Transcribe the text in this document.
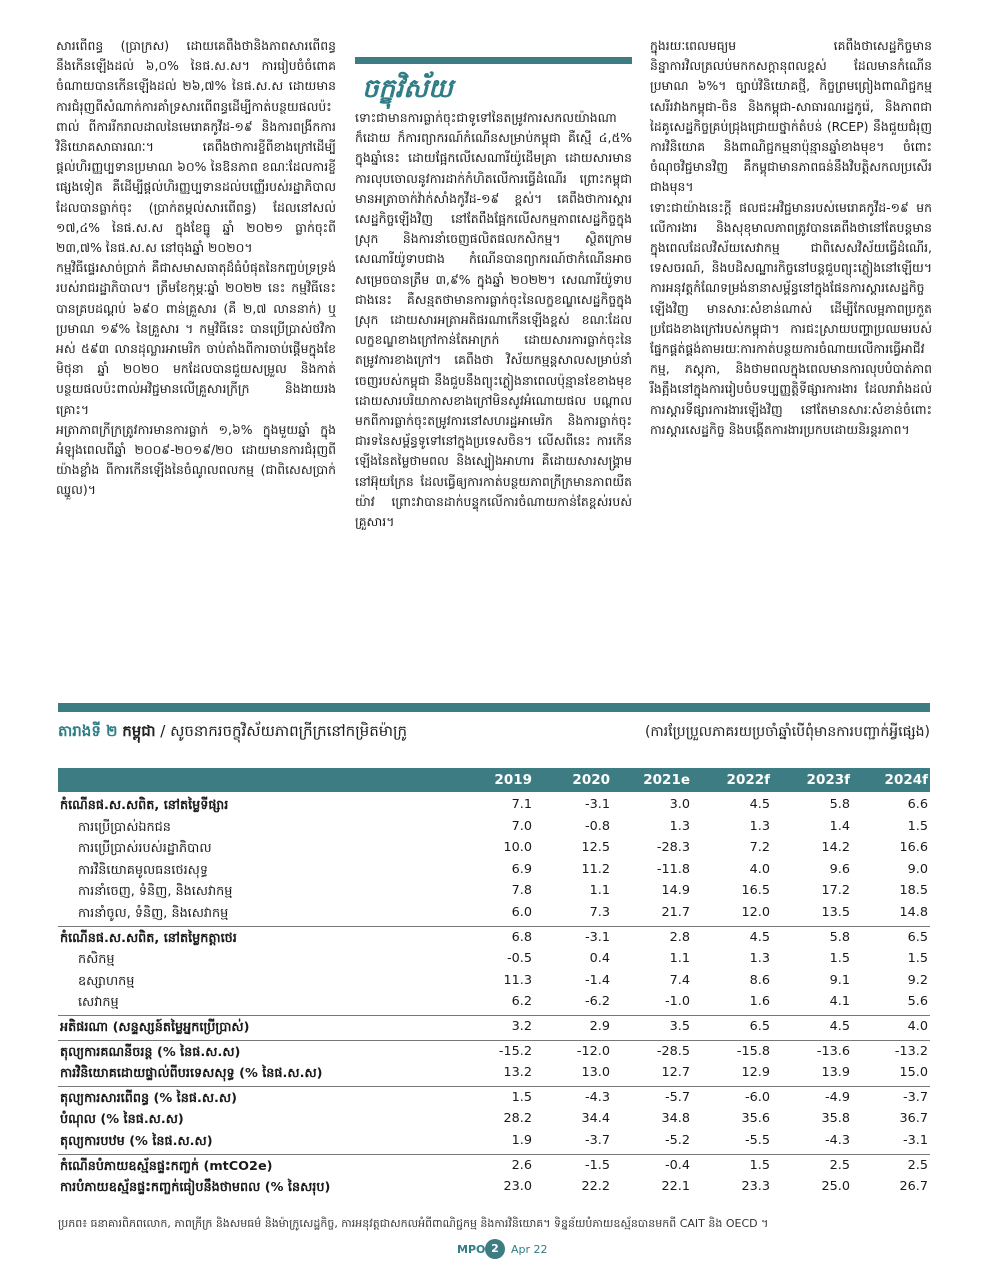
សារពើពន្ធ (ប្រាក្រស) ដោយគេពឹងថានិងភាពសារពើពន្ធនឹងកើនឡើងដល់ ៦,០% នៃផ.ស.ស។ ការរៀបចំចំពោគចំណាយបានកើនឡើងដល់ ២៦,៧% នៃផ.ស.ស ដោយមានការជំរុញពីសំណាក់ការគាំទ្រសារពើពន្ធដើម្បីកាត់បន្ថយផលប៉ះពាល់ ពីការរីករាលដាលនៃមេរោគកូវីដ-១៩ និងការពង្រីកការវិនិយោគសាធារណៈ។ គេពឹងថាការខ្ចីពីខាងក្រៅដើម្បីផ្ដល់ហិរញ្ញប្បទានប្រមាណ ៦០% នៃឱនភាព ខណៈដែលការខ្ចីផ្សេងទៀត គឺដើម្បីផ្ដល់ហិរញ្ញប្បទានដល់បញ្ញើរបស់រដ្ឋាភិបាល ដែលបានធ្លាក់ចុះ (ប្រាក់តម្កល់សារពើពន្ធ) ដែលនៅសល់ ១៧,៤% នៃផ.ស.ស ក្នុងខែធ្នូ ឆ្នាំ ២០២១ ធ្លាក់ចុះពី ២៣,៧% នៃផ.ស.ស នៅចុងឆ្នាំ ២០២០។

កម្មវិធីផ្ទេរសាច់ប្រាក់ គឺជាសមាសធាតុដ៏ធំបំផុតនៃកញ្ចប់ទ្រទ្រង់របស់រាជរដ្ឋាភិបាល។ ត្រឹមខែកុម្ភៈឆ្នាំ ២០២២ នេះ កម្មវិធីនេះបានគ្របដណ្ដប់ ៦៩០ ពាន់គ្រួសារ (គឺ ២,៧ លាននាក់) ឬប្រមាណ ១៩% នៃគ្រួសារ ។ កម្មវិធីនេះ បានប្រើប្រាស់ថវិកាអស់ ៥៩៣ លានដុល្លារអាមេរិក ចាប់តាំងពីការចាប់ផ្ដើមក្នុងខែមិថុនា ឆ្នាំ ២០២០ មកដែលបានជួយសម្រួល និងកាត់បន្ថយផលប៉ះពាល់អវិជ្ជមានលើគ្រួសារក្រីក្រ និងងាយរងគ្រោះ។

អត្រាភាពក្រីក្រត្រូវការមានការធ្លាក់ ១,៦% ក្នុងមួយឆ្នាំ ក្នុងអំឡុងពេលពីឆ្នាំ ២០០៩-២០១៩/២០ ដោយមានការជំរុញពីយ៉ាងខ្លាំង ពីការកើនឡើងនៃចំណូលពលកម្ម (ជាពិសេសប្រាក់ឈ្នួល)។

ចក្ខុវិស័យ

ទោះជាមានការធ្លាក់ចុះជាទូទៅនៃតម្រូវការសកលយ៉ាងណាក៏ដោយ ក៏ការព្យាករណ៍កំណើនសម្រាប់កម្ពុជា គឺស្មើ ៤,៥% ក្នុងឆ្នាំនេះ ដោយផ្អែកលើសេណារីយ៉ូដើមគ្រា ដោយសារមានការលុបចោលនូវការដាក់កំហិតលើការធ្វើដំណើរ ព្រោះកម្ពុជាមានអត្រាចាក់វ៉ាក់សាំងកូវីដ-១៩ ខ្ពស់។ គេពឹងថាការស្ដារសេដ្ឋកិច្ចឡើងវិញ នៅតែពឹងផ្អែកលើសកម្មភាពសេដ្ឋកិច្ចក្នុងស្រុក និងការនាំចេញផលិតផលកសិកម្ម។ ស្ថិតក្រោមសេណារីយ៉ូទាបជាង កំណើនបានព្យាករណ៍ថាកំណើនអាចសម្រេចបានត្រឹម ៣,៩% ក្នុងឆ្នាំ ២០២២។ សេណារីយ៉ូទាបជាងនេះ គឺសន្មតថាមានការធ្លាក់ចុះនៃលក្ខខណ្ឌសេដ្ឋកិច្ចក្នុងស្រុក ដោយសារអត្រាអតិផរណាកើនឡើងខ្ពស់ ខណៈដែលលក្ខខណ្ឌខាងក្រៅកាន់តែអាក្រក់ ដោយសារការធ្លាក់ចុះនៃតម្រូវការខាងក្រៅ។ គេពឹងថា វិស័យកម្មន្តសាលសម្រាប់នាំចេញរបស់កម្ពុជា នឹងជួបនឹងព្យុះភ្លៀងនាពេលប៉ុន្មានខែខាងមុខ ដោយសារបរិយាកាសខាងក្រៅមិនសូវអំណោយផល បណ្ដាលមកពីការធ្លាក់ចុះតម្រូវការនៅសហរដ្ឋអាមេរិក និងការធ្លាក់ចុះជារទនៃសម្ព័ន្ធទូទៅនៅក្នុងប្រទេសចិន។ លើសពីនេះ ការកើនឡើងនៃតម្លៃថាមពល និងស្បៀងអាហារ គឺដោយសារសង្គ្រាមនៅអ៊ុយក្រែន ដែលធ្វើឲ្យការកាត់បន្ថយភាពក្រីក្រមានភាពយឺតយ៉ាវ ព្រោះវាបានដាក់បន្ទុកលើការចំណាយកាន់តែខ្ពស់របស់គ្រួសារ។

ក្នុងរយៈពេលមធ្យម គេពឹងថាសេដ្ឋកិច្ចមាននិន្នាការវិលត្រលប់មកកសក្ដានុពលខ្ពស់ ដែលមានកំណើនប្រមាណ ៦%។ ច្បាប់វិនិយោគថ្មី, កិច្ចព្រមព្រៀងពាណិជ្ជកម្មសេរីរវាងកម្ពុជា-ចិន និងកម្ពុជា-សាធារណរដ្ឋកូរ៉េ, និងភាពជាដៃគូសេដ្ឋកិច្ចគ្រប់ជ្រុងជ្រោយថ្នាក់តំបន់ (RCEP) នឹងជួយជំរុញការវិនិយោគ និងពាណិជ្ជកម្មនាប៉ុន្មានឆ្នាំខាងមុខ។ ចំពោះចំណុចវិជ្ជមានវិញ គឺកម្ពុជាមានភាពធន់នឹងវិបត្តិសកលប្រសើរជាងមុន។

ទោះជាយ៉ាងនេះក្ដី ផលជះអវិជ្ជមានរបស់មេរោគកូវីដ-១៩ មកលើការងារ និងសុខុមាលភាពត្រូវបានគេពឹងថានៅតែបន្តមានក្នុងពេលដែលវិស័យសេវាកម្ម ជាពិសេសវិស័យធ្វើដំណើរ, ទេសចរណ៍, និងបដិសណ្ឋារកិច្ចនៅបន្តជួបព្យុះភ្លៀងនៅឡើយ។ ការអនុវត្តកំណែទម្រង់នានាសម្ព័ន្ធនៅក្នុងផែនការស្ដារសេដ្ឋកិច្ចឡើងវិញ មានសារៈសំខាន់ណាស់ ដើម្បីកែលម្អភាពប្រកួតប្រជែងខាងក្រៅរបស់កម្ពុជា។ ការជះស្រាយបញ្ហាប្រឈមរបស់ផ្នែកផ្គត់ផ្គង់តាមរយៈការកាត់បន្ថយការចំណាយលើការធ្វើអាជីវកម្ម, ភស្តុភា, និងថាមពលក្នុងពេលមានការលុបបំបាត់ភាពរឹងត្អឹងនៅក្នុងការរៀបចំបទប្បញ្ញត្តិទីផ្សារការងារ ដែលរារាំងដល់ការស្ដារទីផ្សារការងារឡើងវិញ នៅតែមានសារៈសំខាន់ចំពោះការស្ដារសេដ្ឋកិច្ច និងបង្កើតការងារប្រកបដោយនិរន្តរភាព។

តារាងទី ២ កម្ពុជា / សូចនាករចក្ខុវិស័យភាពក្រីក្រនៅកម្រិតម៉ាក្រូ	(ការប្រែប្រួលភាគរយប្រចាំឆ្នាំបើពុំមានការបញ្ជាក់អ្វីផ្សេង)
2019	2020	2021e	2022f	2023f	2024f
កំណើនផ.ស.សពិត, នៅតម្លៃទីផ្សារ	7.1	-3.1	3.0	4.5	5.8	6.6
ការប្រើប្រាស់ឯកជន	7.0	-0.8	1.3	1.3	1.4	1.5
ការប្រើប្រាស់របស់រដ្ឋាភិបាល	10.0	12.5	-28.3	7.2	14.2	16.6
ការវិនិយោគមូលធនថេរសុទ្ធ	6.9	11.2	-11.8	4.0	9.6	9.0
ការនាំចេញ, ទំនិញ, និងសេវាកម្ម	7.8	1.1	14.9	16.5	17.2	18.5
ការនាំចូល, ទំនិញ, និងសេវាកម្ម	6.0	7.3	21.7	12.0	13.5	14.8
កំណើនផ.ស.សពិត, នៅតម្លៃកត្តាថេរ	6.8	-3.1	2.8	4.5	5.8	6.5
កសិកម្ម	-0.5	0.4	1.1	1.3	1.5	1.5
ឧស្សាហកម្ម	11.3	-1.4	7.4	8.6	9.1	9.2
សេវាកម្ម	6.2	-6.2	-1.0	1.6	4.1	5.6
អតិផរណា (សន្ទស្សន៍តម្លៃអ្នកប្រើប្រាស់)	3.2	2.9	3.5	6.5	4.5	4.0
តុល្យការគណនីចរន្ត (% នៃផ.ស.ស)	-15.2	-12.0	-28.5	-15.8	-13.6	-13.2
ការវិនិយោគដោយផ្ទាល់ពីបរទេសសុទ្ធ (% នៃផ.ស.ស)	13.2	13.0	12.7	12.9	13.9	15.0
តុល្យការសារពើពន្ធ (% នៃផ.ស.ស)	1.5	-4.3	-5.7	-6.0	-4.9	-3.7
បំណុល (% នៃផ.ស.ស)	28.2	34.4	34.8	35.6	35.8	36.7
តុល្យការបឋម (% នៃផ.ស.ស)	1.9	-3.7	-5.2	-5.5	-4.3	-3.1
កំណើនបំភាយឧស្ម័នផ្ទះកញ្ចក់ (mtCO2e)	2.6	-1.5	-0.4	1.5	2.5	2.5
ការបំភាយឧស្ម័នផ្ទះកញ្ចក់ធៀបនឹងថាមពល (% នៃសរុប)	23.0	22.2	22.1	23.3	25.0	26.7
ប្រភព៖ ធនាគារពិភពលោក, ភាពក្រីក្រ និងសមធម៌ និងម៉ាក្រូសេដ្ឋកិច្ច, ការអនុវត្តជាសកលអំពីពាណិជ្ជកម្ម និងការវិនិយោគ។ ទិន្នន័យបំភាយឧស្ម័នបានមកពី CAIT និង OECD ។
MPO 2	Apr 22
